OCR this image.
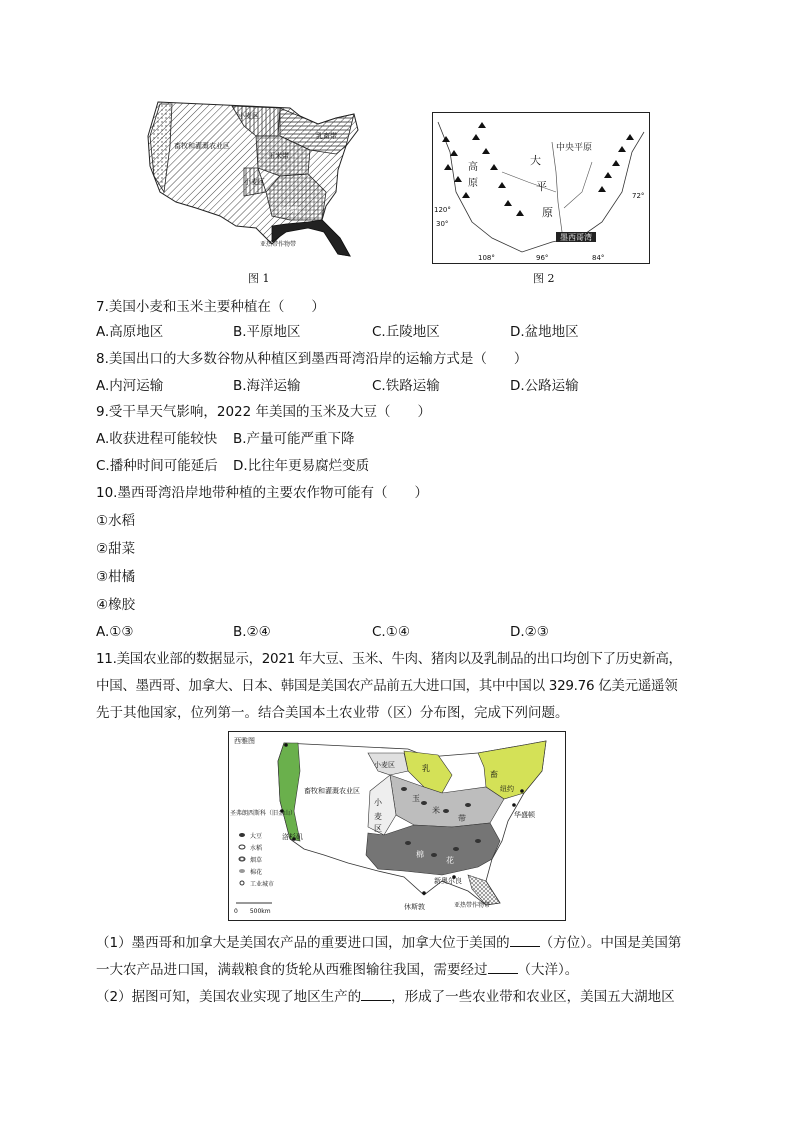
小麦区
畜牧和灌溉农业区
玉米带
乳畜带
小麦区
棉花带
亚热带作物带
图 1
大
高
原	平
原
中央平原
墨西哥湾
120°
30°
108°	96°	84°
72°
图 2
7.美国小麦和玉米主要种植在（　　）
A.高原地区	B.平原地区	C.丘陵地区	D.盆地地区
8.美国出口的大多数谷物从种植区到墨西哥湾沿岸的运输方式是（　　）
A.内河运输	B.海洋运输	C.铁路运输	D.公路运输
9.受干旱天气影响，2022 年美国的玉米及大豆（　　）
A.收获进程可能较快 B.产量可能严重下降
C.播种时间可能延后 D.比往年更易腐烂变质
10.墨西哥湾沿岸地带种植的主要农作物可能有（　　）
①水稻
②甜菜
③柑橘
④橡胶
A.①③	B.②④	C.①④	D.②③
11.美国农业部的数据显示，2021 年大豆、玉米、牛肉、猪肉以及乳制品的出口均创下了历史新高，
中国、墨西哥、加拿大、日本、韩国是美国农产品前五大进口国，其中中国以 329.76 亿美元遥遥领
先于其他国家，位列第一。结合美国本土农业带（区）分布图，完成下列问题。
小麦区
畜牧和灌溉农业区
乳
畜
玉
米
带
小
麦
区
棉
花
亚热带作物带
西雅图
圣弗朗西斯科（旧金山）
洛杉矶
纽约
华盛顿
新奥尔良
休斯敦
大豆
水稻
烟草
棉花
工业城市
0　　500km
（1）墨西哥和加拿大是美国农产品的重要进口国，加拿大位于美国的 （方位）。中国是美国第
一大农产品进口国，满载粮食的货轮从西雅图输往我国，需要经过 （大洋）。
（2）据图可知，美国农业实现了地区生产的 ，形成了一些农业带和农业区，美国五大湖地区
